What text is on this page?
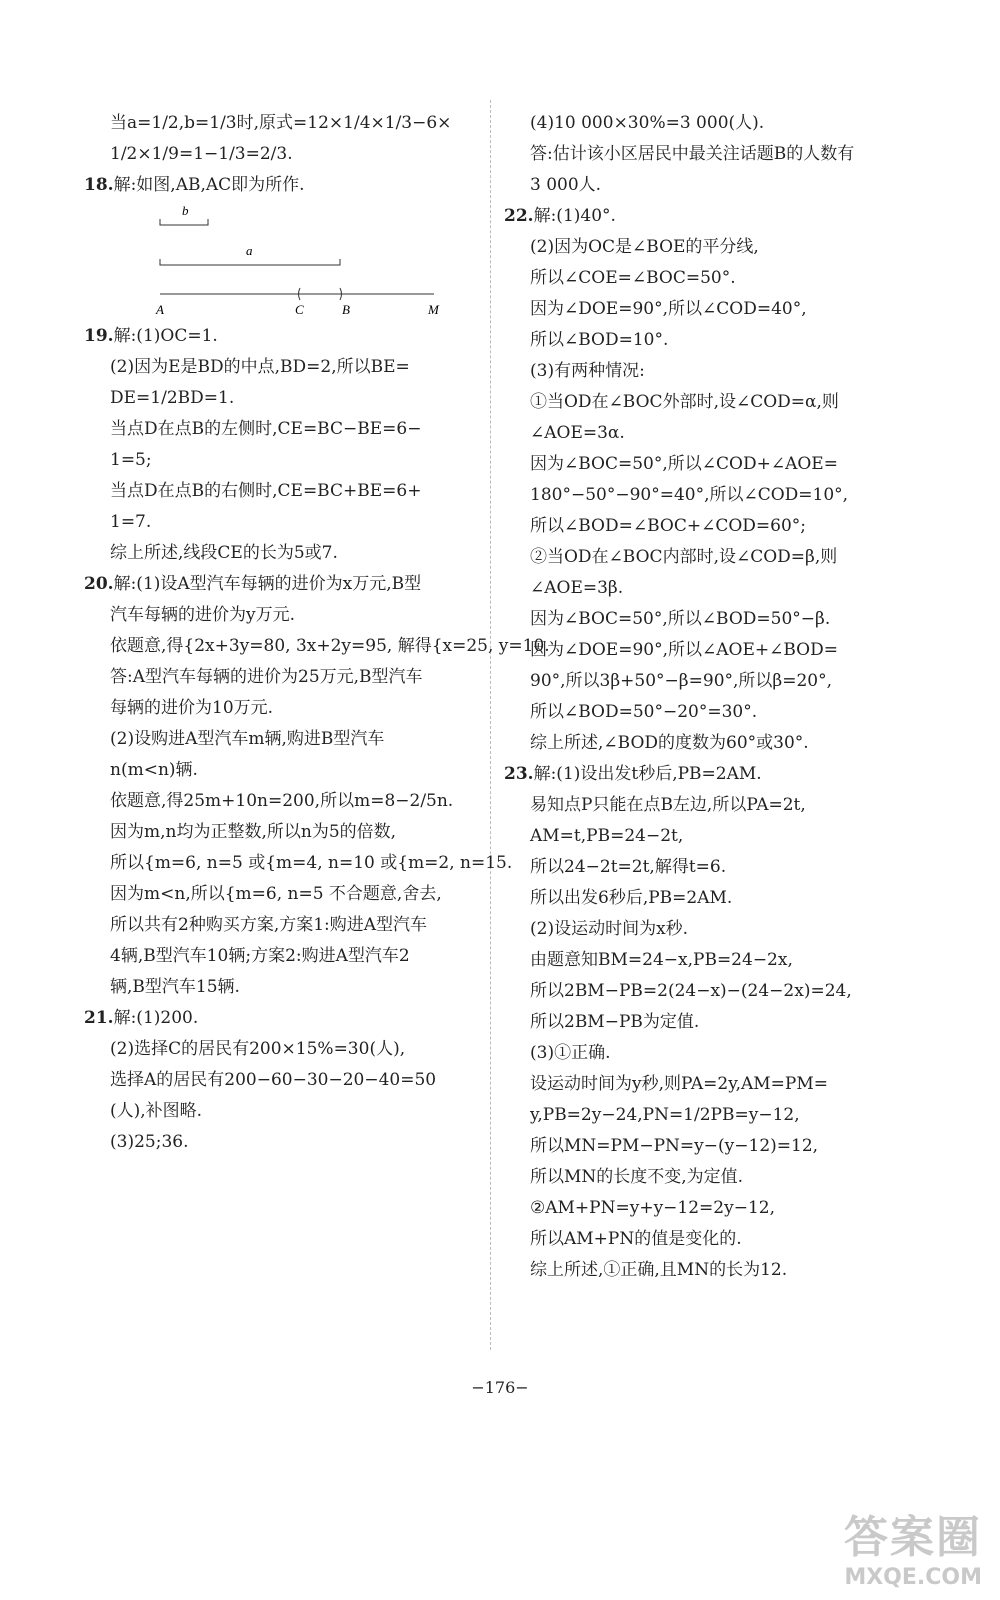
当a=1/2,b=1/3时,原式=12×1/4×1/3−6×
1/2×1/9=1−1/3=2/3.
18.解:如图,AB,AC即为所作.
b
a
A	C	B	M
19.解:(1)OC=1.
(2)因为E是BD的中点,BD=2,所以BE=
DE=1/2BD=1.
当点D在点B的左侧时,CE=BC−BE=6−
1=5;
当点D在点B的右侧时,CE=BC+BE=6+
1=7.
综上所述,线段CE的长为5或7.
20.解:(1)设A型汽车每辆的进价为x万元,B型
汽车每辆的进价为y万元.
依题意,得{2x+3y=80, 3x+2y=95, 解得{x=25, y=10.
答:A型汽车每辆的进价为25万元,B型汽车
每辆的进价为10万元.
(2)设购进A型汽车m辆,购进B型汽车
n(m<n)辆.
依题意,得25m+10n=200,所以m=8−2/5n.
因为m,n均为正整数,所以n为5的倍数,
所以{m=6, n=5 或{m=4, n=10 或{m=2, n=15.
因为m<n,所以{m=6, n=5 不合题意,舍去,
所以共有2种购买方案,方案1:购进A型汽车
4辆,B型汽车10辆;方案2:购进A型汽车2
辆,B型汽车15辆.
21.解:(1)200.
(2)选择C的居民有200×15%=30(人),
选择A的居民有200−60−30−20−40=50
(人),补图略.
(3)25;36.
(4)10 000×30%=3 000(人).
答:估计该小区居民中最关注话题B的人数有
3 000人.
22.解:(1)40°.
(2)因为OC是∠BOE的平分线,
所以∠COE=∠BOC=50°.
因为∠DOE=90°,所以∠COD=40°,
所以∠BOD=10°.
(3)有两种情况:
①当OD在∠BOC外部时,设∠COD=α,则
∠AOE=3α.
因为∠BOC=50°,所以∠COD+∠AOE=
180°−50°−90°=40°,所以∠COD=10°,
所以∠BOD=∠BOC+∠COD=60°;
②当OD在∠BOC内部时,设∠COD=β,则
∠AOE=3β.
因为∠BOC=50°,所以∠BOD=50°−β.
因为∠DOE=90°,所以∠AOE+∠BOD=
90°,所以3β+50°−β=90°,所以β=20°,
所以∠BOD=50°−20°=30°.
综上所述,∠BOD的度数为60°或30°.
23.解:(1)设出发t秒后,PB=2AM.
易知点P只能在点B左边,所以PA=2t,
AM=t,PB=24−2t,
所以24−2t=2t,解得t=6.
所以出发6秒后,PB=2AM.
(2)设运动时间为x秒.
由题意知BM=24−x,PB=24−2x,
所以2BM−PB=2(24−x)−(24−2x)=24,
所以2BM−PB为定值.
(3)①正确.
设运动时间为y秒,则PA=2y,AM=PM=
y,PB=2y−24,PN=1/2PB=y−12,
所以MN=PM−PN=y−(y−12)=12,
所以MN的长度不变,为定值.
②AM+PN=y+y−12=2y−12,
所以AM+PN的值是变化的.
综上所述,①正确,且MN的长为12.
−176−
答案圈
MXQE.COM
